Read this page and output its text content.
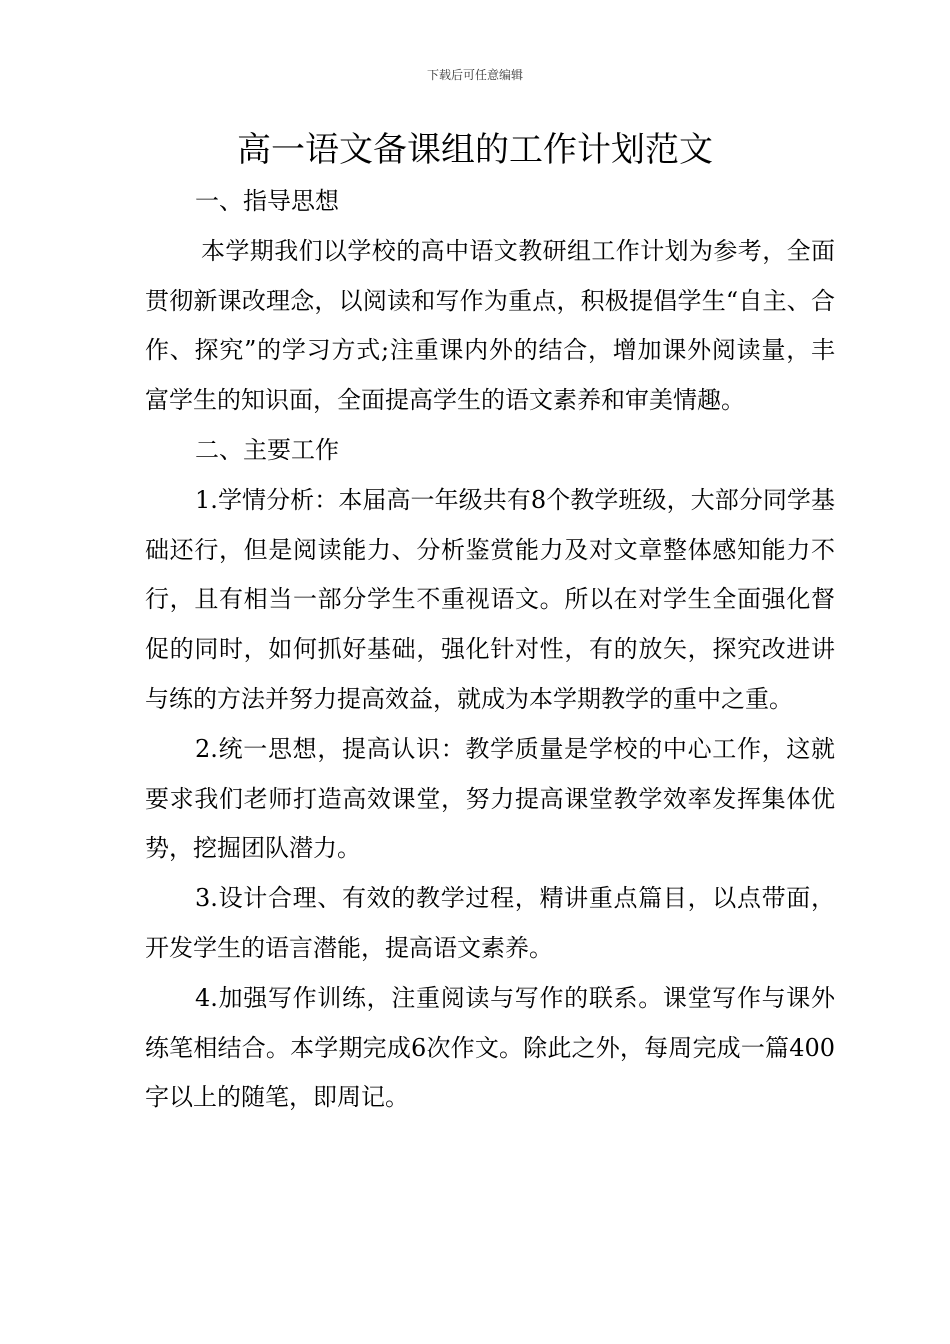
下载后可任意编辑
高一语文备课组的工作计划范文

一、指导思想

本学期我们以学校的高中语文教研组工作计划为参考，全面贯彻新课改理念，以阅读和写作为重点，积极提倡学生“自主、合作、探究”的学习方式;注重课内外的结合，增加课外阅读量，丰富学生的知识面，全面提高学生的语文素养和审美情趣。

二、主要工作

1.学情分析：本届高一年级共有8个教学班级，大部分同学基础还行，但是阅读能力、分析鉴赏能力及对文章整体感知能力不行，且有相当一部分学生不重视语文。所以在对学生全面强化督促的同时，如何抓好基础，强化针对性，有的放矢，探究改进讲与练的方法并努力提高效益，就成为本学期教学的重中之重。

2.统一思想，提高认识：教学质量是学校的中心工作，这就要求我们老师打造高效课堂，努力提高课堂教学效率发挥集体优势，挖掘团队潜力。

3.设计合理、有效的教学过程，精讲重点篇目，以点带面，开发学生的语言潜能，提高语文素养。

4.加强写作训练，注重阅读与写作的联系。课堂写作与课外练笔相结合。本学期完成6次作文。除此之外，每周完成一篇400字以上的随笔，即周记。
